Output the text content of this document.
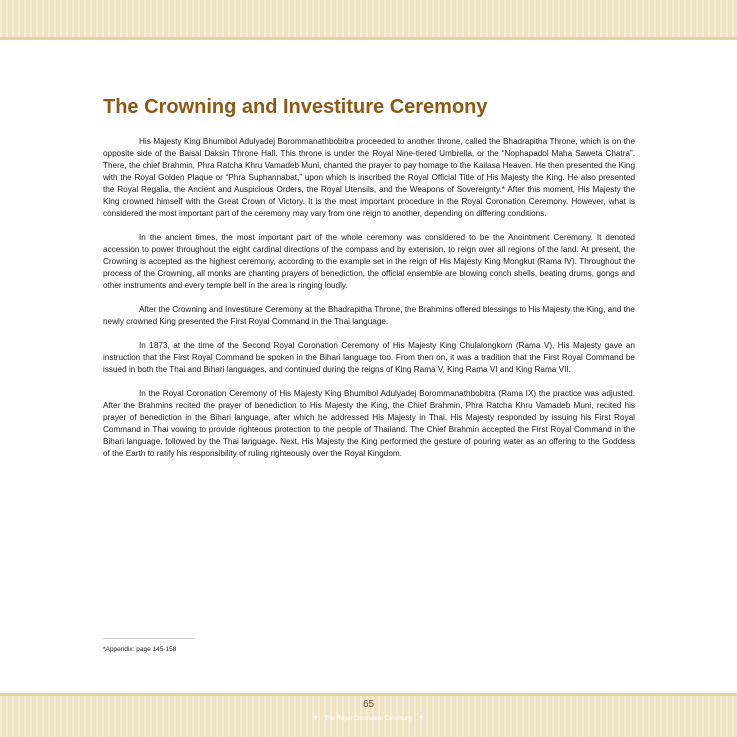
The Crowning and Investiture Ceremony

His Majesty King Bhumibol Adulyadej Borommanathbobitra proceeded to another throne, called the Bhadrapitha Throne, which is on the opposite side of the Baisal Daksin Throne Hall. This throne is under the Royal Nine-tiered Umbrella, or the “Nophapadol Maha Saweta Chatra”. There, the chief Brahmin, Phra Ratcha Khru Vamadeb Muni, chanted the prayer to pay homage to the Kailasa Heaven. He then presented the King with the Royal Golden Plaque or “Phra Suphannabat,” upon which is inscribed the Royal Official Title of His Majesty the King. He also presented the Royal Regalia, the Ancient and Auspicious Orders, the Royal Utensils, and the Weapons of Sovereignty.* After this moment, His Majesty the King crowned himself with the Great Crown of Victory. It is the most important procedure in the Royal Coronation Ceremony. However, what is considered the most important part of the ceremony may vary from one reign to another, depending on differing conditions.

In the ancient times, the most important part of the whole ceremony was considered to be the Anointment Ceremony. It denoted accession to power throughout the eight cardinal directions of the compass and by extension, to reign over all regions of the land. At present, the Crowning is accepted as the highest ceremony, according to the example set in the reign of His Majesty King Mongkut (Rama IV). Throughout the process of the Crowning, all monks are chanting prayers of benediction, the official ensemble are blowing conch shells, beating drums, gongs and other instruments and every temple bell in the area is ringing loudly.

After the Crowning and Investiture Ceremony at the Bhadrapitha Throne, the Brahmins offered blessings to His Majesty the King, and the newly crowned King presented the First Royal Command in the Thai language.

In 1873, at the time of the Second Royal Coronation Ceremony of His Majesty King Chulalongkorn (Rama V), His Majesty gave an instruction that the First Royal Command be spoken in the Bihari language too. From then on, it was a tradition that the First Royal Command be issued in both the Thai and Bihari languages, and continued during the reigns of King Rama V, King Rama VI and King Rama VII.

In the Royal Coronation Ceremony of His Majesty King Bhumibol Adulyadej Borommanathbobitra (Rama IX) the practice was adjusted. After the Brahmins recited the prayer of benediction to His Majesty the King, the Chief Brahmin, Phra Ratcha Khru Vamadeb Muni, recited his prayer of benediction in the Bihari language, after which he addressed His Majesty in Thai. His Majesty responded by issuing his First Royal Command in Thai vowing to provide righteous protection to the people of Thailand. The Chief Brahmin accepted the First Royal Command in the Bihari language, followed by the Thai language. Next, His Majesty the King performed the gesture of pouring water as an offering to the Goddess of the Earth to ratify his responsibility of ruling righteously over the Royal Kingdom.

*Appendix: page 145-158
65
✦ The Royal Coronation Ceremony ✦
